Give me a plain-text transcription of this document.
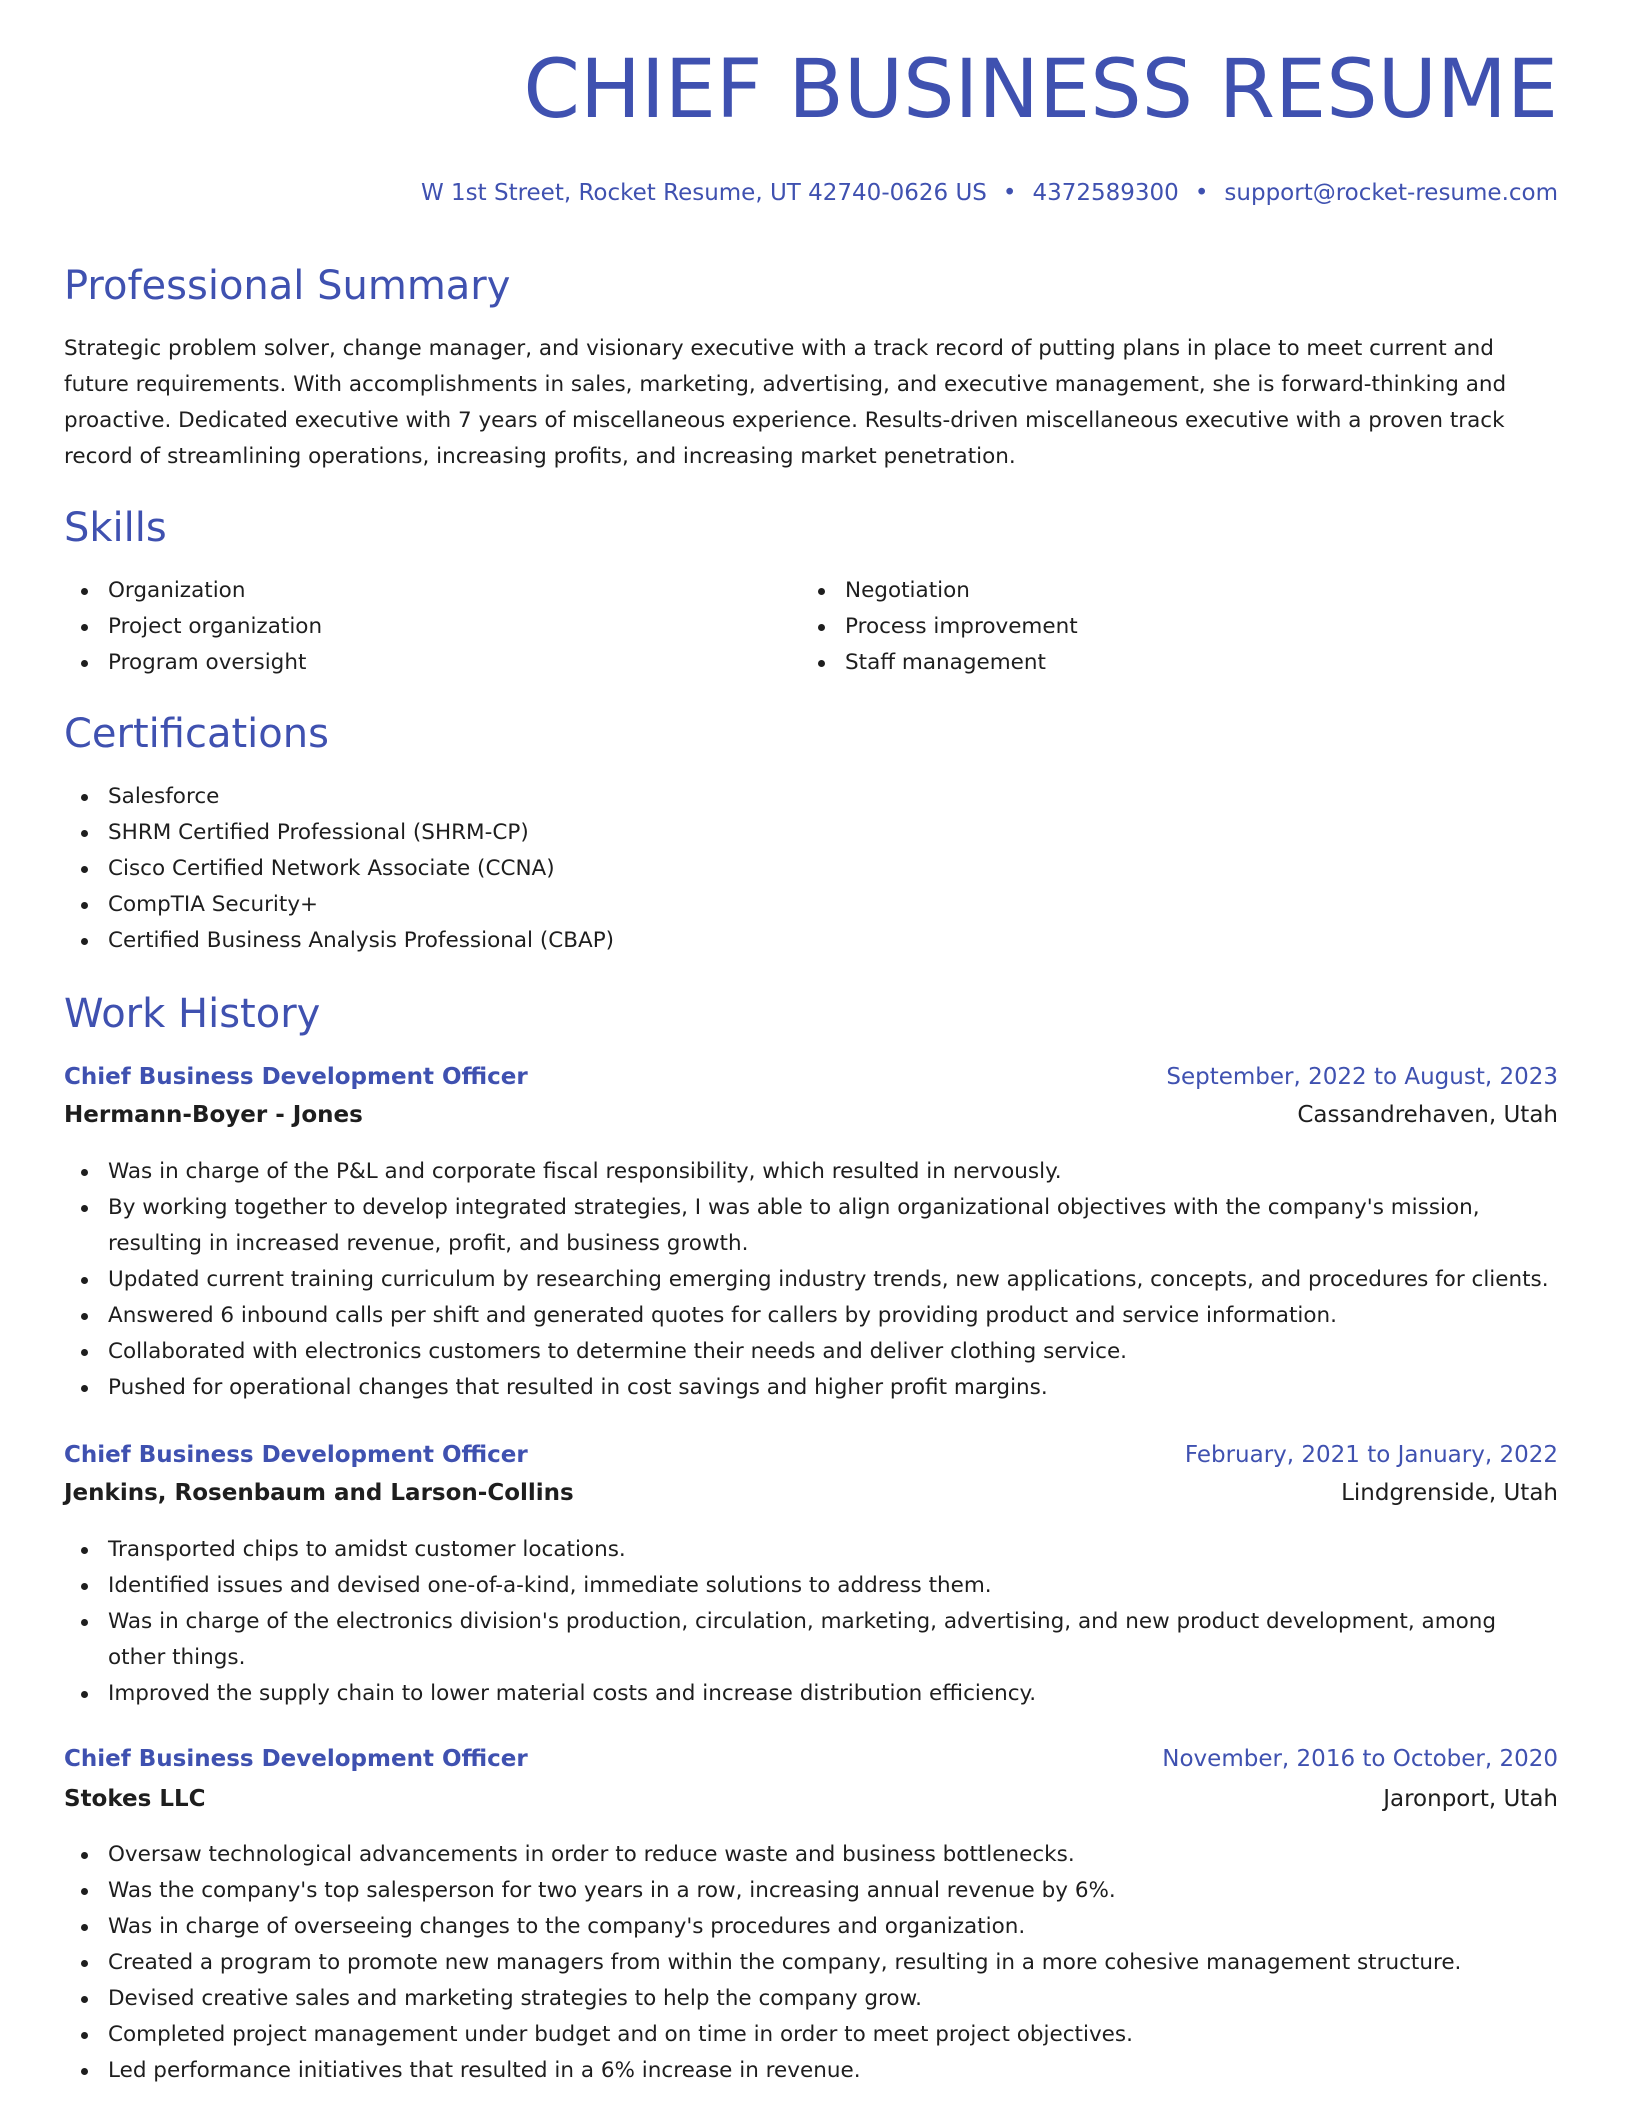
CHIEF BUSINESS RESUME
W 1st Street, Rocket Resume, UT 42740-0626 US • 4372589300 • support@rocket-resume.com
Professional Summary

Strategic problem solver, change manager, and visionary executive with a track record of putting plans in place to meet current and future requirements. With accomplishments in sales, marketing, advertising, and executive management, she is forward-thinking and proactive. Dedicated executive with 7 years of miscellaneous experience. Results-driven miscellaneous executive with a proven track record of streamlining operations, increasing profits, and increasing market penetration.

Skills
Organization
Project organization
Program oversight
Negotiation
Process improvement
Staff management
Certifications
Salesforce
SHRM Certified Professional (SHRM-CP)
Cisco Certified Network Associate (CCNA)
CompTIA Security+
Certified Business Analysis Professional (CBAP)
Work History
Chief Business Development Officer	September, 2022 to August, 2023
Hermann-Boyer - Jones	Cassandrehaven, Utah
Was in charge of the P&L and corporate fiscal responsibility, which resulted in nervously.
By working together to develop integrated strategies, I was able to align organizational objectives with the company's mission, resulting in increased revenue, profit, and business growth.
Updated current training curriculum by researching emerging industry trends, new applications, concepts, and procedures for clients.
Answered 6 inbound calls per shift and generated quotes for callers by providing product and service information.
Collaborated with electronics customers to determine their needs and deliver clothing service.
Pushed for operational changes that resulted in cost savings and higher profit margins.
Chief Business Development Officer	February, 2021 to January, 2022
Jenkins, Rosenbaum and Larson-Collins	Lindgrenside, Utah
Transported chips to amidst customer locations.
Identified issues and devised one-of-a-kind, immediate solutions to address them.
Was in charge of the electronics division's production, circulation, marketing, advertising, and new product development, among other things.
Improved the supply chain to lower material costs and increase distribution efficiency.
Chief Business Development Officer	November, 2016 to October, 2020
Stokes LLC	Jaronport, Utah
Oversaw technological advancements in order to reduce waste and business bottlenecks.
Was the company's top salesperson for two years in a row, increasing annual revenue by 6%.
Was in charge of overseeing changes to the company's procedures and organization.
Created a program to promote new managers from within the company, resulting in a more cohesive management structure.
Devised creative sales and marketing strategies to help the company grow.
Completed project management under budget and on time in order to meet project objectives.
Led performance initiatives that resulted in a 6% increase in revenue.
